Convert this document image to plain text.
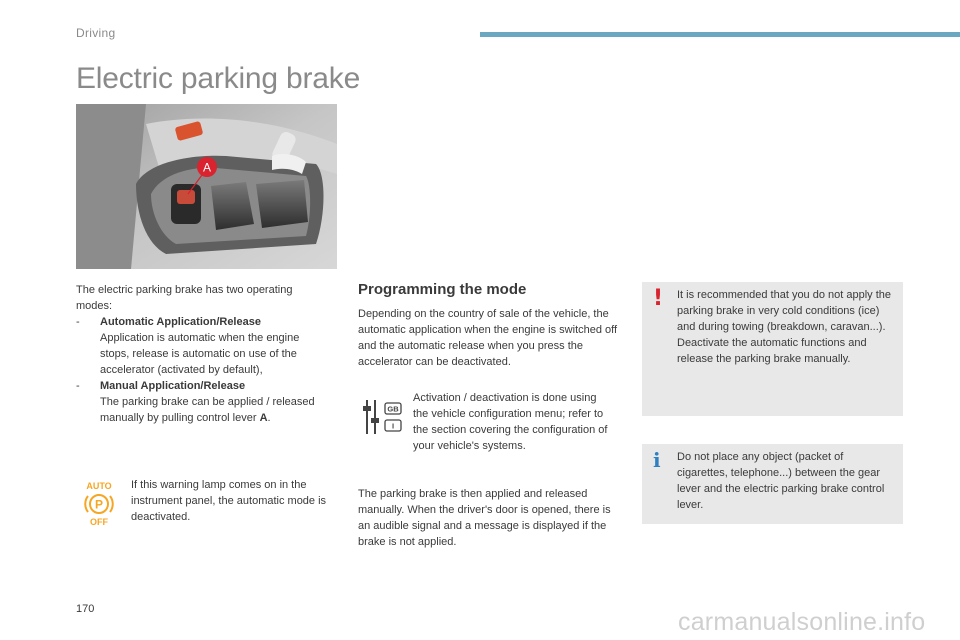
Driving
Electric parking brake
A

The electric parking brake has two operating modes:

-	Automatic Application/Release
Application is automatic when the engine stops, release is automatic on use of the accelerator (activated by default),
-	Manual Application/Release
The parking brake can be applied / released manually by pulling control lever A.
AUTO
P
OFF

If this warning lamp comes on in the instrument panel, the automatic mode is deactivated.

Programming the mode

Depending on the country of sale of the vehicle, the automatic application when the engine is switched off and the automatic release when you press the accelerator can be deactivated.

GB
I

Activation / deactivation is done using the vehicle configuration menu; refer to the section covering the configuration of your vehicle's systems.

The parking brake is then applied and released manually. When the driver's door is opened, there is an audible signal and a message is displayed if the brake is not applied.

! It is recommended that you do not apply the parking brake in very cold conditions (ice) and during towing (breakdown, caravan...). Deactivate the automatic functions and release the parking brake manually.

i Do not place any object (packet of cigarettes, telephone...) between the gear lever and the electric parking brake control lever.

170	carmanualsonline.info
